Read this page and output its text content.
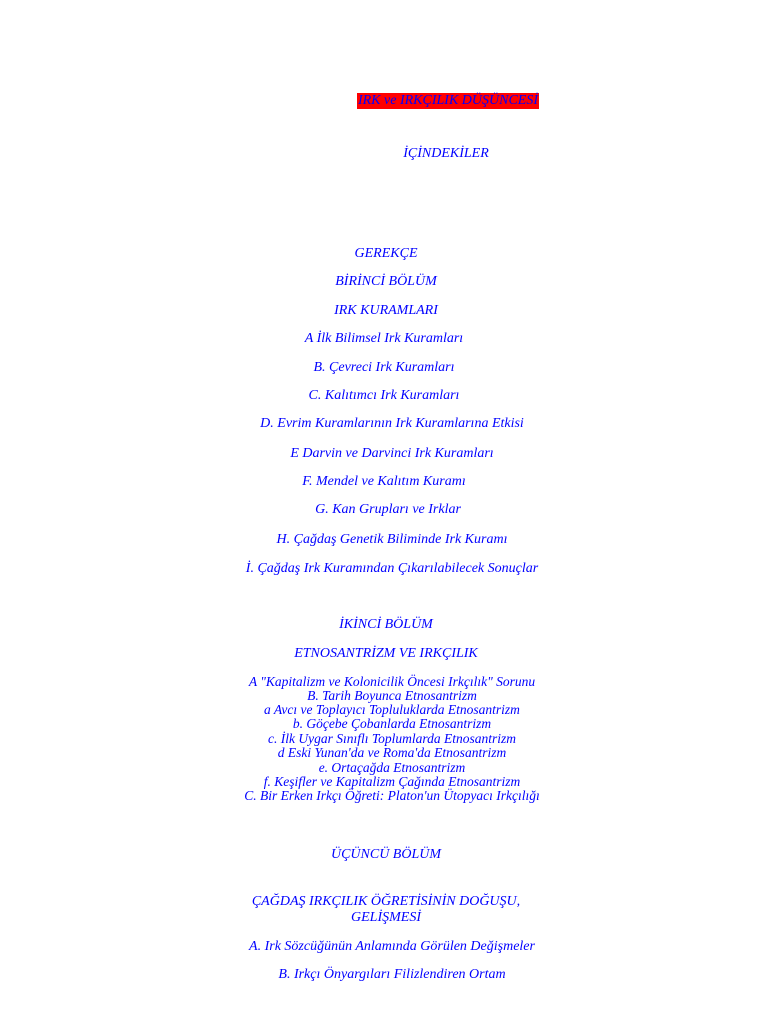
IRK ve IRKÇILIK DÜŞÜNCESİ
İÇİNDEKİLER
GEREKÇE
BİRİNCİ BÖLÜM
IRK KURAMLARI
A İlk Bilimsel Irk Kuramları
B. Çevreci Irk Kuramları
C. Kalıtımcı Irk Kuramları
D. Evrim Kuramlarının Irk Kuramlarına Etkisi
E Darvin ve Darvinci Irk Kuramları
F. Mendel ve Kalıtım Kuramı
G. Kan Grupları ve Irklar
H. Çağdaş Genetik Biliminde Irk Kuramı
İ. Çağdaş Irk Kuramından Çıkarılabilecek Sonuçlar
İKİNCİ BÖLÜM
ETNOSANTRİZM VE IRKÇILIK
A "Kapitalizm ve Kolonicilik Öncesi Irkçılık" Sorunu
B. Tarih Boyunca Etnosantrizm
a Avcı ve Toplayıcı Topluluklarda Etnosantrizm
b. Göçebe Çobanlarda Etnosantrizm
c. İlk Uygar Sınıflı Toplumlarda Etnosantrizm
d Eski Yunan'da ve Roma'da Etnosantrizm
e. Ortaçağda Etnosantrizm
f. Keşifler ve Kapitalizm Çağında Etnosantrizm
C. Bir Erken Irkçı Öğreti: Platon'un Ütopyacı Irkçılığı
ÜÇÜNCÜ BÖLÜM
ÇAĞDAŞ IRKÇILIK ÖĞRETİSİNİN DOĞUŞU,
GELİŞMESİ
A. Irk Sözcüğünün Anlamında Görülen Değişmeler
B. Irkçı Önyargıları Filizlendiren Ortam
